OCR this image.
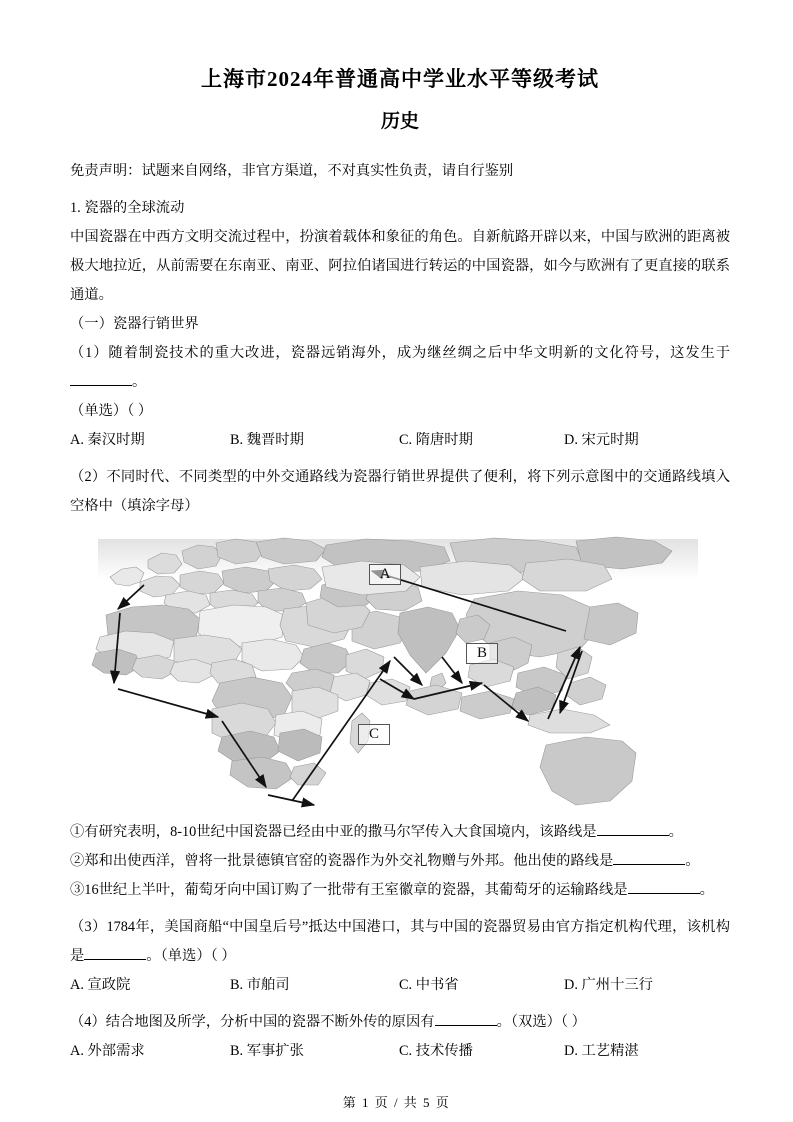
上海市2024年普通高中学业水平等级考试
历史

免责声明：试题来自网络，非官方渠道，不对真实性负责，请自行鉴别

1. 瓷器的全球流动

中国瓷器在中西方文明交流过程中，扮演着载体和象征的角色。自新航路开辟以来，中国与欧洲的距离被极大地拉近，从前需要在东南亚、南亚、阿拉伯诸国进行转运的中国瓷器，如今与欧洲有了更直接的联系通道。

（一）瓷器行销世界

（1）随着制瓷技术的重大改进，瓷器远销海外，成为继丝绸之后中华文明新的文化符号，这发生于。

（单选）（ ）

A. 秦汉时期	B. 魏晋时期	C. 隋唐时期	D. 宋元时期

（2）不同时代、不同类型的中外交通路线为瓷器行销世界提供了便利，将下列示意图中的交通路线填入空格中（填涂字母）

A
B
C

①有研究表明，8-10世纪中国瓷器已经由中亚的撒马尔罕传入大食国境内，该路线是	。

②郑和出使西洋，曾将一批景德镇官窑的瓷器作为外交礼物赠与外邦。他出使的路线是	。

③16世纪上半叶，葡萄牙向中国订购了一批带有王室徽章的瓷器，其葡萄牙的运输路线是	。

（3）1784年，美国商船“中国皇后号”抵达中国港口，其与中国的瓷器贸易由官方指定机构代理，该机构是	。（单选）（ ）

A. 宣政院	B. 市舶司	C. 中书省	D. 广州十三行

（4）结合地图及所学，分析中国的瓷器不断外传的原因有	。（双选）（ ）

A. 外部需求	B. 军事扩张	C. 技术传播	D. 工艺精湛
第 1 页 / 共 5 页
